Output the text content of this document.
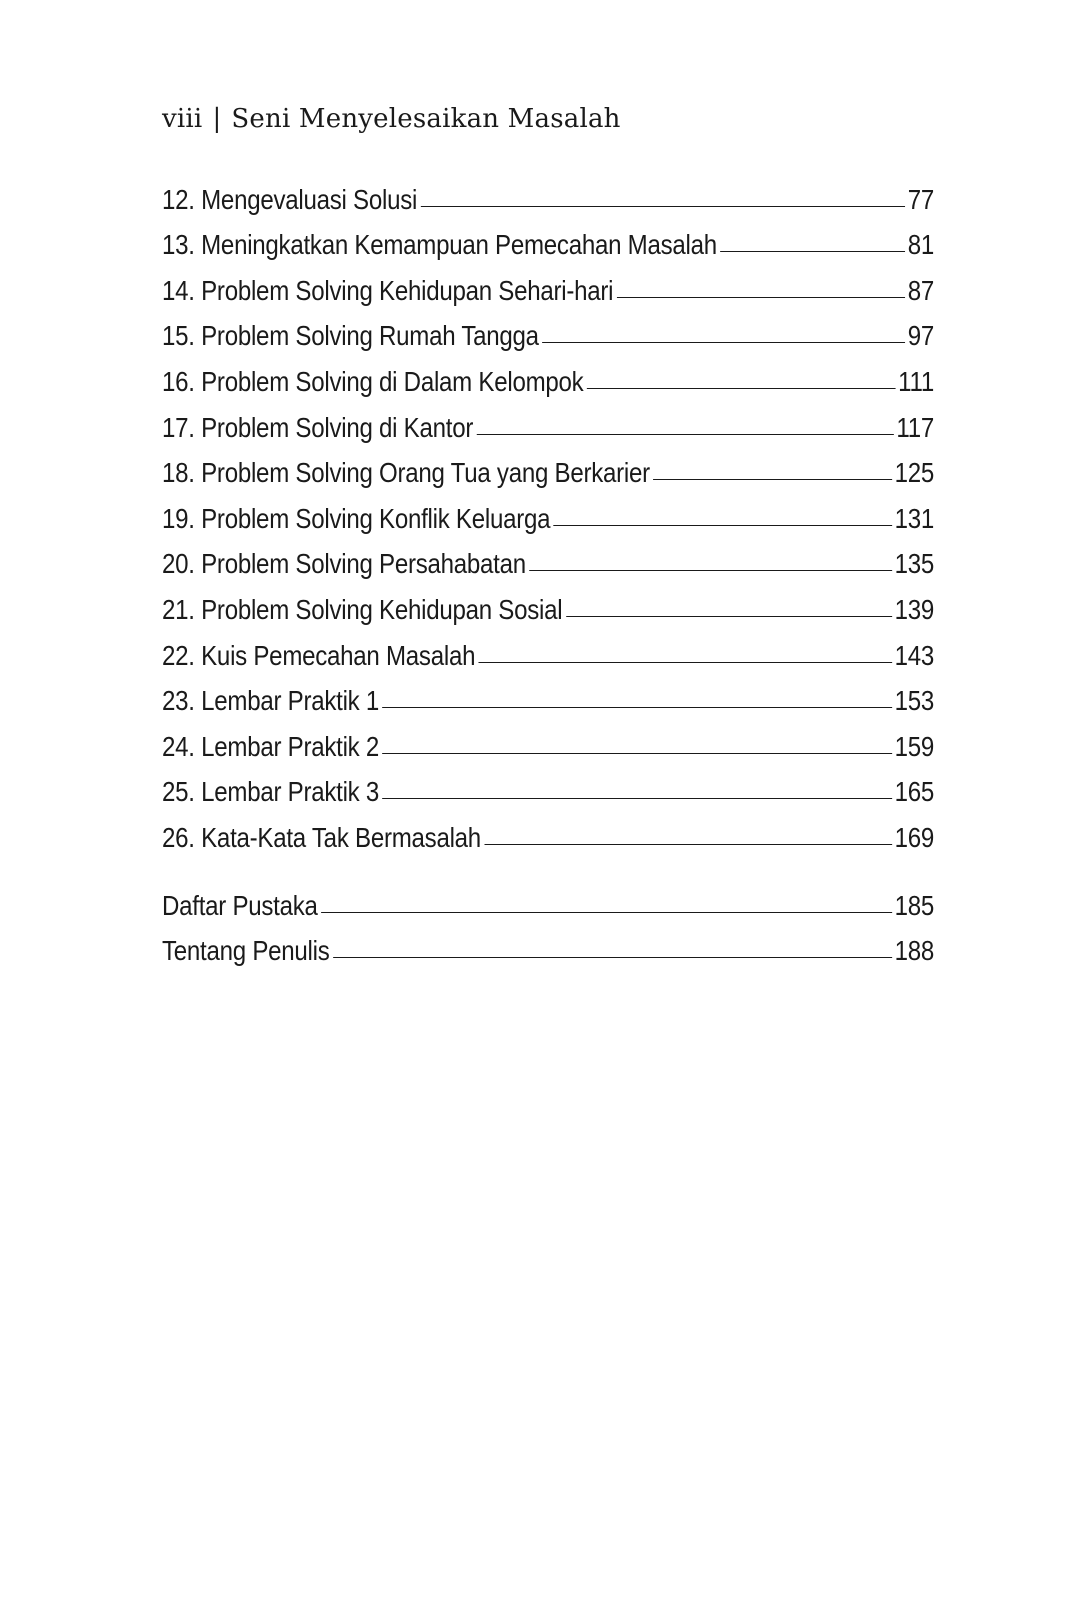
viii | Seni Menyelesaikan Masalah
12. Mengevaluasi Solusi	77
13. Meningkatkan Kemampuan Pemecahan Masalah	81
14. Problem Solving Kehidupan Sehari-hari	87
15. Problem Solving Rumah Tangga	97
16. Problem Solving di Dalam Kelompok	111
17. Problem Solving di Kantor	117
18. Problem Solving Orang Tua yang Berkarier	125
19. Problem Solving Konflik Keluarga	131
20. Problem Solving Persahabatan	135
21. Problem Solving Kehidupan Sosial	139
22. Kuis Pemecahan Masalah	143
23. Lembar Praktik 1	153
24. Lembar Praktik 2	159
25. Lembar Praktik 3	165
26. Kata-Kata Tak Bermasalah	169
Daftar Pustaka	185
Tentang Penulis	188
